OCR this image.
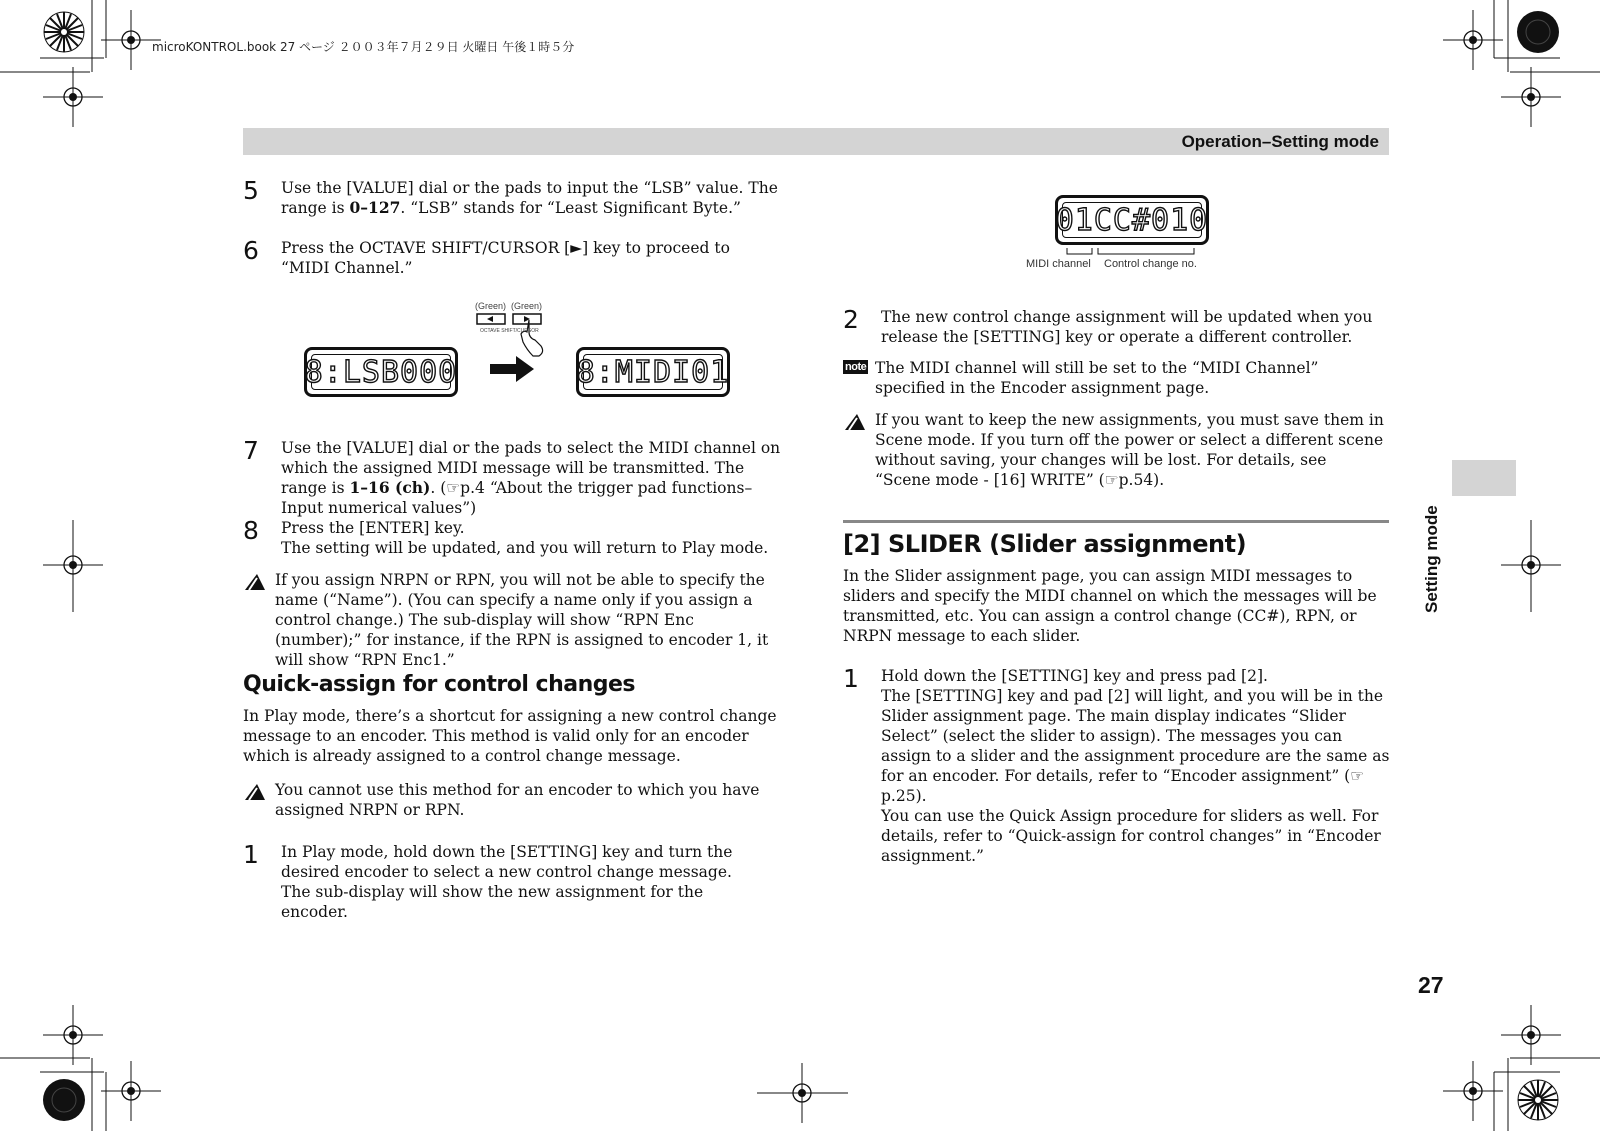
microKONTROL.book 27 ページ ２００３年７月２９日 火曜日 午後１時５分
Operation–Setting mode
5 Use the [VALUE] dial or the pads to input the “LSB” value. The range is 0–127. “LSB” stands for “Least Significant Byte.”
6 Press the OCTAVE SHIFT/CURSOR [►] key to proceed to “MIDI Channel.”
(Green) (Green)
OCTAVE SHIFT/CURSOR
8:LSB000	8:MIDI01
7 Use the [VALUE] dial or the pads to select the MIDI channel on which the assigned MIDI message will be transmitted. The range is 1–16 (ch). (☞p.4 “About the trigger pad functions–Input numerical values”)
8 Press the [ENTER] key.
The setting will be updated, and you will return to Play mode.
If you assign NRPN or RPN, you will not be able to specify the name (“Name”). (You can specify a name only if you assign a control change.) The sub-display will show “RPN Enc (number);” for instance, if the RPN is assigned to encoder 1, it will show “RPN Enc1.”
Quick-assign for control changes
In Play mode, there’s a shortcut for assigning a new control change message to an encoder. This method is valid only for an encoder which is already assigned to a control change message.
You cannot use this method for an encoder to which you have assigned NRPN or RPN.
1 In Play mode, hold down the [SETTING] key and turn the desired encoder to select a new control change message.
The sub-display will show the new assignment for the encoder.
01CC#010
MIDI channel Control change no.
2 The new control change assignment will be updated when you release the [SETTING] key or operate a different controller.
note The MIDI channel will still be set to the “MIDI Channel” specified in the Encoder assignment page.
If you want to keep the new assignments, you must save them in Scene mode. If you turn off the power or select a different scene without saving, your changes will be lost. For details, see “Scene mode - [16] WRITE” (☞p.54).
[2] SLIDER (Slider assignment)
In the Slider assignment page, you can assign MIDI messages to sliders and specify the MIDI channel on which the messages will be transmitted, etc. You can assign a control change (CC#), RPN, or NRPN message to each slider.
1 Hold down the [SETTING] key and press pad [2].
The [SETTING] key and pad [2] will light, and you will be in the Slider assignment page. The main display indicates “Slider Select” (select the slider to assign). The messages you can assign to a slider and the assignment procedure are the same as for an encoder. For details, refer to “Encoder assignment” (☞p.25).
You can use the Quick Assign procedure for sliders as well. For details, refer to “Quick-assign for control changes” in “Encoder assignment.”
Setting mode
27
